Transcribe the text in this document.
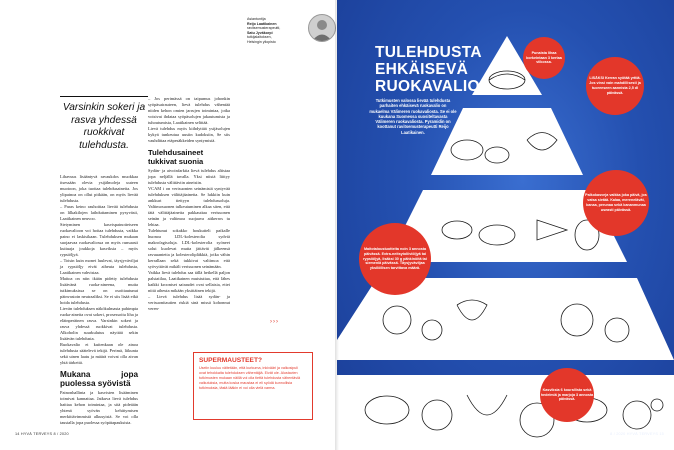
Asiantuntija
Reijo Laatikainen
ravitsemusterapeutti,
Satu Jyväkorpi
tutkijalaitoksen,
Helsingin yliopisto
Varsinkin sokeri ja rasva yhdessä ruokkivat tulehdusta.

Lihavuus lisääntyvä ravaukdos muokkaa itsessään olevia ysijälmoleja uuteen muotoon, joka tuottaa tulehdusaineita. Jos ylipainoa on ollut pitkään, on myös lievää tulehdusta.

– Paras keino rauhoittaa lievää tulehdusta on lilkakilojen laihduttaminen pysyvästi, Laatikainen neuvoo.

Sietyminen kasvispainotteiseen ruokavalioon voi hoitaa tulehdusta, vaikka paino ei laskisikaan. Tulehduksen mukaan suojaavaa ruokavaliossa on myös runsaasti kuituaja joukkoja kasviksia – myös rypsiöljyä.

– Toisin kuin monet luulevat, täysjyväviljat ja rypsiöljy eivät aiheuta tulehdusta, Laatikainen vahvistaa.

Maitoa on niin ikään pidetty tulehdusta lisäävänä ruoka-aineena, mutta tutkimuksissa se on osoittautunut päinvastoin neutraaliksi. Se ei siis lisää eikä hoida tulehdusta.

Lievän tulehduksen näkökulmasta pahimpia ruoka-aineita ovat sokeri, prosessoitu liha ja eläinperäinen rasva. Varsinkin sokeri ja rasva yhdessä ruokkivat tulehdusta. Alkoholin suurkulutus näyttää sekin lisäävän tulehdusta.

Ruokavalio ei kuitenkaan ole ainoa tulehdusta säätelevä tekijä. Perimä, liikunta sekä uinen laatu ja määrä voivat olla aivan yhtä tärkeitä.

Mukana jopa puolessa syövistä

Painonhallinta ja kasvisten lisääminen toimivat kannattaa. Jatkuva lievä tulehdus haittaa kehon toimintaa, ja sitä pidetään yhtenä syövän kehittymisen merkittävimmistä alkusyistä. Se voi olla taustalla jopa puolessa syöpätapauksista.

– Jos perimässä on taipumus johonkin syöpäsairauteen, lievä tulehdus vähentää niiden kehon omien jarrujen toimintaa, jotka voisivat ihdataa syöpäsolujen jakautumista ja tuhoutumista, Laatikainen selittää.

Lievä tulehdus myös kiihdyttää ysijäsolujen kykyä tunkeutua uusiin kudoksiin, Se siis vauhdittaa etäpesäkkeiden syntymistä.

Tulehdusaineet tukkivat suonia

Sydän- ja aivoinfarktia lievä tulehdus altistaa jopa neljällä tavalla. Yksi niistä liittyy tulehdusta välittäviin aineisiin.

VCAM i on verisuonten seinämistä syntyvää tulehduksen välittäjäainetta. Se lukkiin kuin ankkuri tiettyyn tulehdussoluja. Valtimosuonen tulkeutuminen alkaa siten, että tätä välittäjäainetta pakkauttaa verisuonen seinän ja valtimoa suojaava aitkerros tu lehtaa.

Tulehtunut sokakko houkutteli paikalle huonoa LDL-kolesterolia sydviä makrofagisoluja. LDL-kolesterolia syöneet solut kuolevat mutta jättävät jälkeensä ravuuantetta ja kolesterolipläkkiä, jotka vähin kerrallaan sekä tukkivat valtimoa että syövyttävät mikäli verisuonen seinämään.

Vaikka lievä tulehdus saa tällä hetkellä paljon palstatilaa, Laatikainen muistuttaa, että lähes kaikki krooniset sairaudet ovat sellaisia, ettei niitä aiheuta mikään yksittäinen tekijä.

– Lievä tulehdus lisää sydän- ja verisuonitautien riskiä sinä missä kohonnut veren-

›››
SUPERMAUSTEET?
Useiin kuuluu väitetään, että kurkuma, inkivääri ja valkosipuli ovat tehokkaita tulehduksen vähentäjiä. Eivät ole. Alustavien tutkimusten mukaan näillä voi olla tiettä tulehdusta vähentäviä vaikutuksia, mutta koska maustaa ei eli syödä kunnollisia tutkimuksia, tästä lääkin ei voi olla vielä varma.
14 HYVÄ TERVEYS 8 / 2020	8 / 2020 HYVÄ TERVEYS 15
TULEHDUSTA
EHKÄISEVÄ
RUOKAVALIO
Tutkimusten valossa lievää tulehdusta parhaiten ehkäisevä ruokavalio on mukaelma Välimeren ruokavaliosta. Se ei ole kuukana Suomessa suositeltavasta Välimeren ruokavaliosta. Pyramidin on koottanut ravitsemusterapeutti Reijo Laatikainen.
Punaista lihaa korkeintaan 3 kertaa viikossa.
LISÄKSI Kerran syötää yrttiä. Jos vinsi vain mahdillisesti ja tuoreeseen aannista 2,5 dl päivässä.
Palkokasveja vaikka joka päivä, jos vatsa sietää. Kalaa, merenelävät, kanaa, perunaa sekä kananmunaa useasti päivässä.
Maitotaloustuotteita noin 3 annosta päivässä. Extra-neitsytoliiviöljyä tai rypsiöljyä, lisäksi 30 g pähkinöitä tai siemeniä päivässä. Täysjyväviljaa yksilöllisen tarvittava määrä.
Kasviksia 6 kourallista sekä hedelmiä ja marjoja 3 annosta päivässä.
